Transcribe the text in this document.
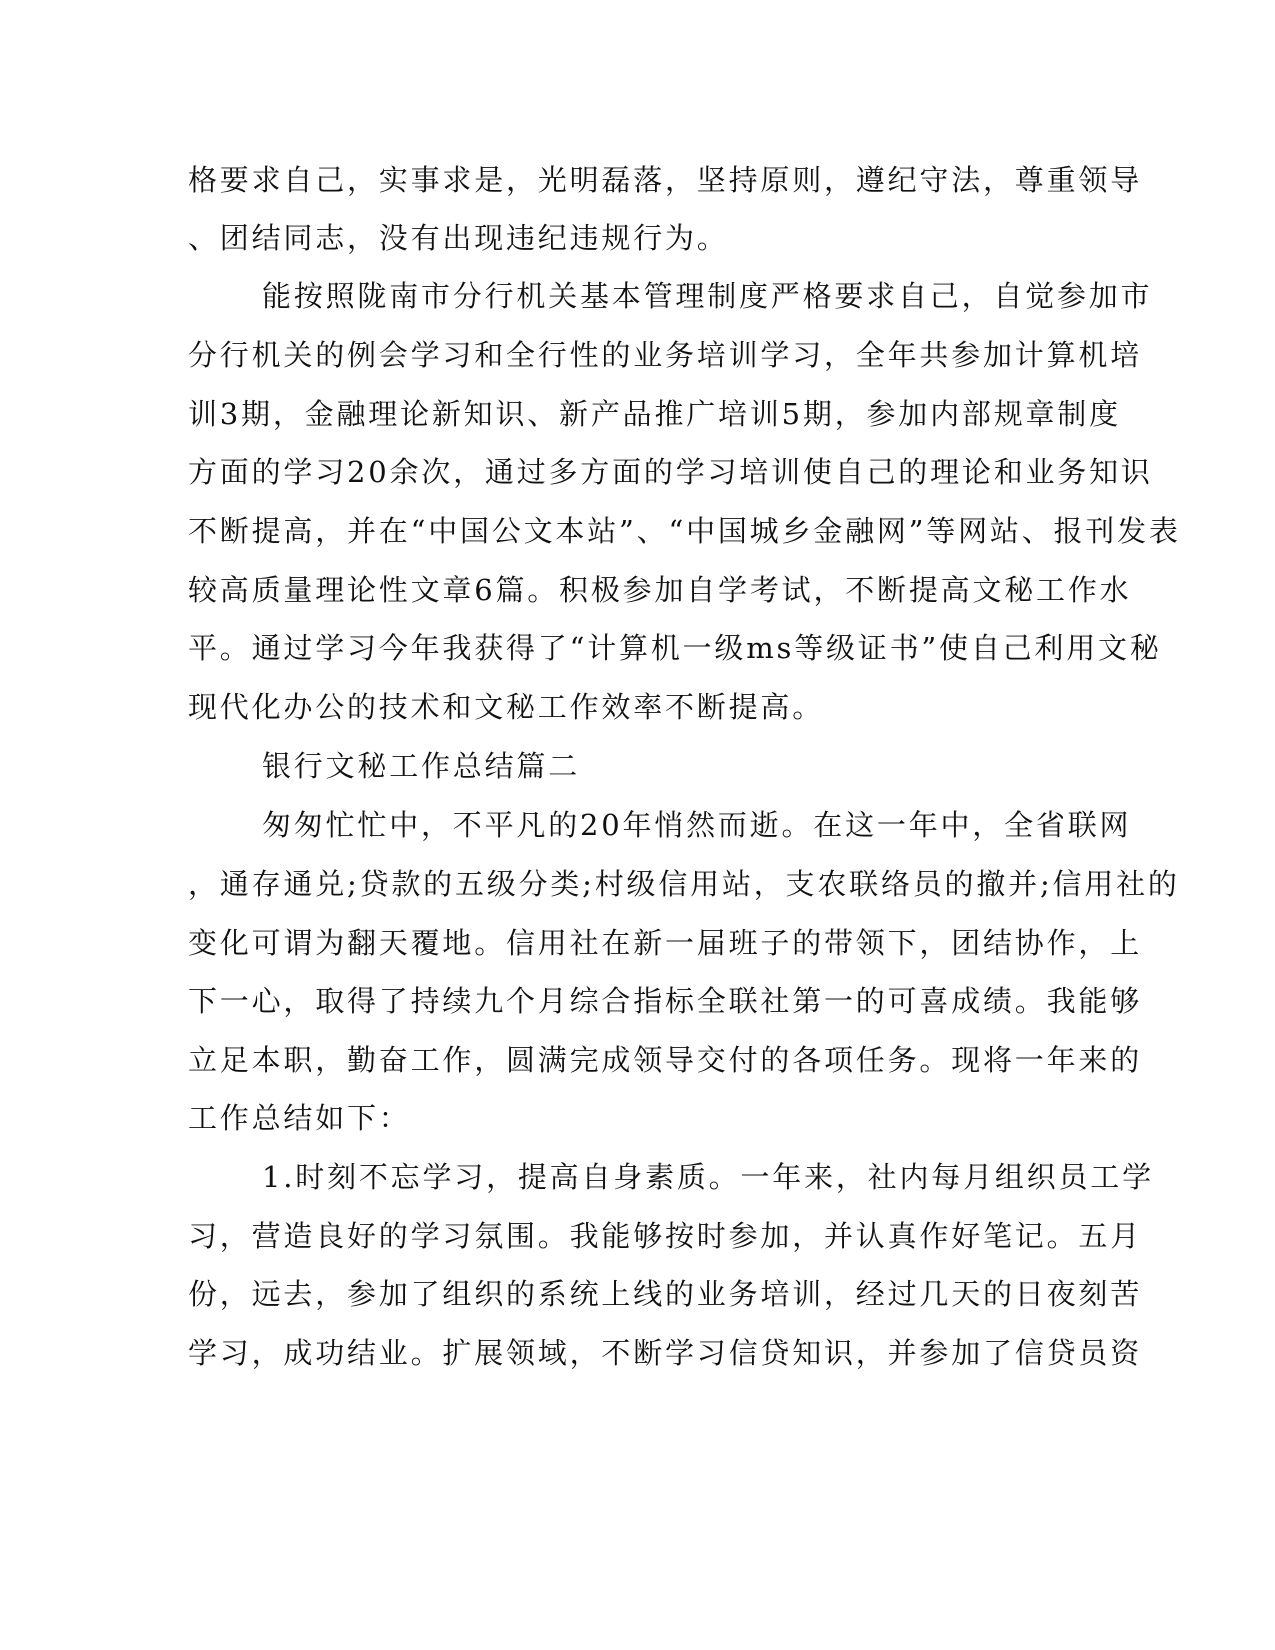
格要求自己，实事求是，光明磊落，坚持原则，遵纪守法，尊重领导
、团结同志，没有出现违纪违规行为。
能按照陇南市分行机关基本管理制度严格要求自己，自觉参加市
分行机关的例会学习和全行性的业务培训学习，全年共参加计算机培
训3期，金融理论新知识、新产品推广培训5期，参加内部规章制度
方面的学习20余次，通过多方面的学习培训使自己的理论和业务知识
不断提高，并在“中国公文本站”、“中国城乡金融网”等网站、报刊发表
较高质量理论性文章6篇。积极参加自学考试，不断提高文秘工作水
平。通过学习今年我获得了“计算机一级ms等级证书”使自己利用文秘
现代化办公的技术和文秘工作效率不断提高。
银行文秘工作总结篇二
匆匆忙忙中，不平凡的20年悄然而逝。在这一年中，全省联网
，通存通兑;贷款的五级分类;村级信用站，支农联络员的撤并;信用社的
变化可谓为翻天覆地。信用社在新一届班子的带领下，团结协作，上
下一心，取得了持续九个月综合指标全联社第一的可喜成绩。我能够
立足本职，勤奋工作，圆满完成领导交付的各项任务。现将一年来的
工作总结如下：
1.时刻不忘学习，提高自身素质。一年来，社内每月组织员工学
习，营造良好的学习氛围。我能够按时参加，并认真作好笔记。五月
份，远去，参加了组织的系统上线的业务培训，经过几天的日夜刻苦
学习，成功结业。扩展领域，不断学习信贷知识，并参加了信贷员资
